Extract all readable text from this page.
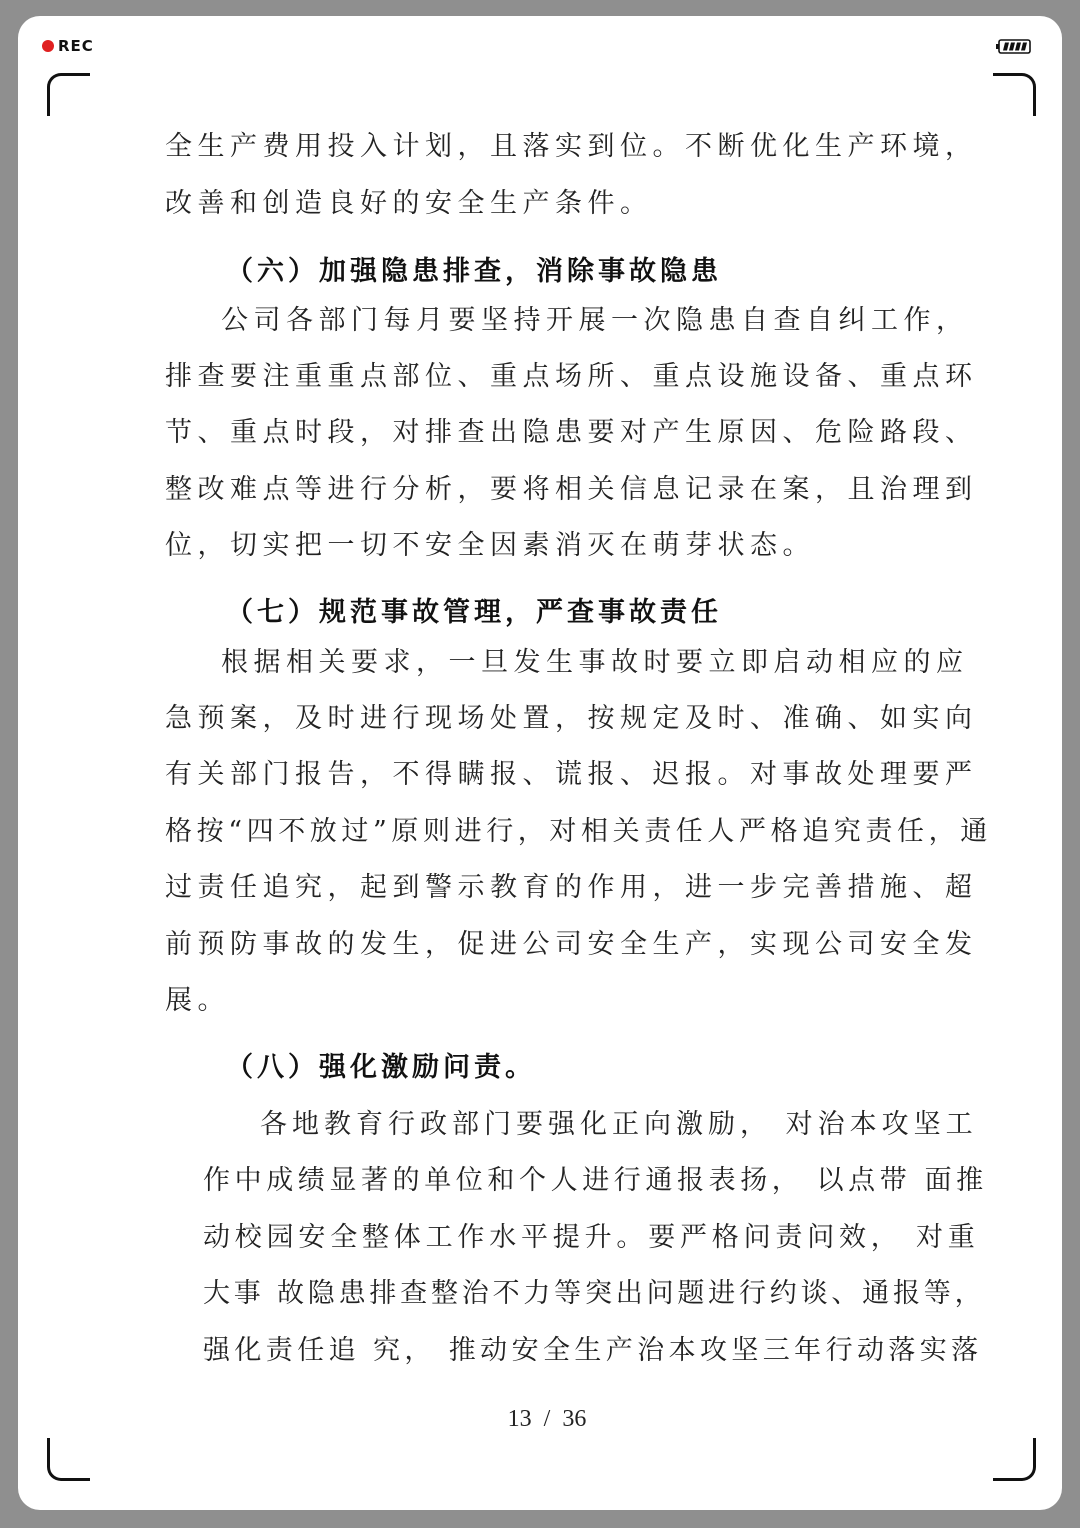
REC
全生产费用投入计划，且落实到位。不断优化生产环境，
改善和创造良好的安全生产条件。
（六）加强隐患排查，消除事故隐患
公司各部门每月要坚持开展一次隐患自查自纠工作，
排查要注重重点部位、重点场所、重点设施设备、重点环
节、重点时段，对排查出隐患要对产生原因、危险路段、
整改难点等进行分析，要将相关信息记录在案，且治理到
位，切实把一切不安全因素消灭在萌芽状态。
（七）规范事故管理，严查事故责任
根据相关要求，一旦发生事故时要立即启动相应的应
急预案，及时进行现场处置，按规定及时、准确、如实向
有关部门报告，不得瞒报、谎报、迟报。对事故处理要严
格按“四不放过”原则进行，对相关责任人严格追究责任，通
过责任追究，起到警示教育的作用，进一步完善措施、超
前预防事故的发生，促进公司安全生产，实现公司安全发
展。
（八）强化激励问责。
各地教育行政部门要强化正向激励， 对治本攻坚工
作中成绩显著的单位和个人进行通报表扬， 以点带 面推
动校园安全整体工作水平提升。要严格问责问效， 对重
大事 故隐患排查整治不力等突出问题进行约谈、通报等，
强化责任追 究， 推动安全生产治本攻坚三年行动落实落
13  /  36
